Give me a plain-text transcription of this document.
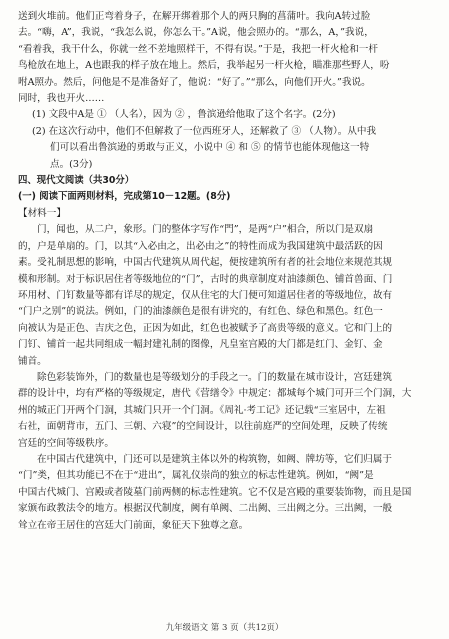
送到火堆前。他们正弯着身子，在解开绑着那个人的两只胸的菖蒲叶。我向A转过脸
去。“嗨，A”，我说，“我怎么说，你怎么干。”A说，他会照办的。“那么，A，”我说，
“看着我，我干什么，你就一丝不差地照样干，不得有误。”于是，我把一杆火枪和一杆
鸟枪放在地上，A也跟我的样子放在地上。然后，我举起另一杆火枪，瞄准那些野人，吩
咐A照办。然后，问他是不是准备好了，他说：“好了。”“那么，向他们开火。”我说。
同时，我也开火……
(1) 文段中A是 ① （人名），因为 ② ，鲁滨逊给他取了这个名字。(2分)
(2) 在这次行动中，他们不但解救了一位西班牙人，还解救了 ③ （人物）。从中我
们可以看出鲁滨逊的勇敢与正义，小说中 ④ 和 ⑤ 的情节也能体现他这一特
点。(3分)
四、现代文阅读（共30分）
(一) 阅读下面两则材料，完成第10－12题。(8分)
【材料一】
门，闻也，从二户，象形。门的整体字写作“門”，是两“户”相合，所以门是双扇
的，户是单扇的。门，以其“入必由之，出必由之”的特性而成为我国建筑中最活跃的因
素。受礼制思想的影响，中国古代建筑从周代起，便按建筑所有者的社会地位来规范其规
模和形制。对于标识居住者等级地位的“门”，古时的典章制度对油漆颜色、铺首兽面、门
环用材、门钉数量等都有详尽的规定，仅从住宅的大门便可知道居住者的等级地位，故有
“门户之别”的说法。例如，门的油漆颜色是很有讲究的，有红色、绿色和黑色。红色一
向被认为是正色、吉庆之色，正因为如此，红色也被赋予了高贵等级的意义。它和门上的
门钉、铺首一起共同组成一幅封建礼制的图像，凡皇室宫殿的大门都是红门、金钉、金
铺首。
除色彩装饰外，门的数量也是等级划分的手段之一。门的数量在城市设计，宫廷建筑
群的设计中，均有严格的等级规定，唐代《营缮令》中规定：都城每个城门可开三个门洞，大
州的城正门开两个门洞，其城门只开一个门洞。《周礼·考工记》还记载“三室居中，左祖
右社，面朝背市，五门、三朝、六寝”的空间设计，以往前庭严的空间处理，反映了传统
宫廷的空间等级秩序。
在中国古代建筑中，门还可以是建筑主体以外的构筑物，如阙、牌坊等，它们归属于
“门”类，但其功能已不在于“进出”，属礼仪崇尚的独立的标志性建筑。例如，“阙”是
中国古代城门、宫殿或者陵墓门前两侧的标志性建筑。它不仅是宫殿的重要装饰物，而且是国
家颁布政教法令的地方。根据汉代制度，阙有单阙、二出阙、三出阙之分。三出阙，一般
耸立在帝王居住的宫廷大门前面，象征天下独尊之意。
九年级语文 第 3 页（共12页）
